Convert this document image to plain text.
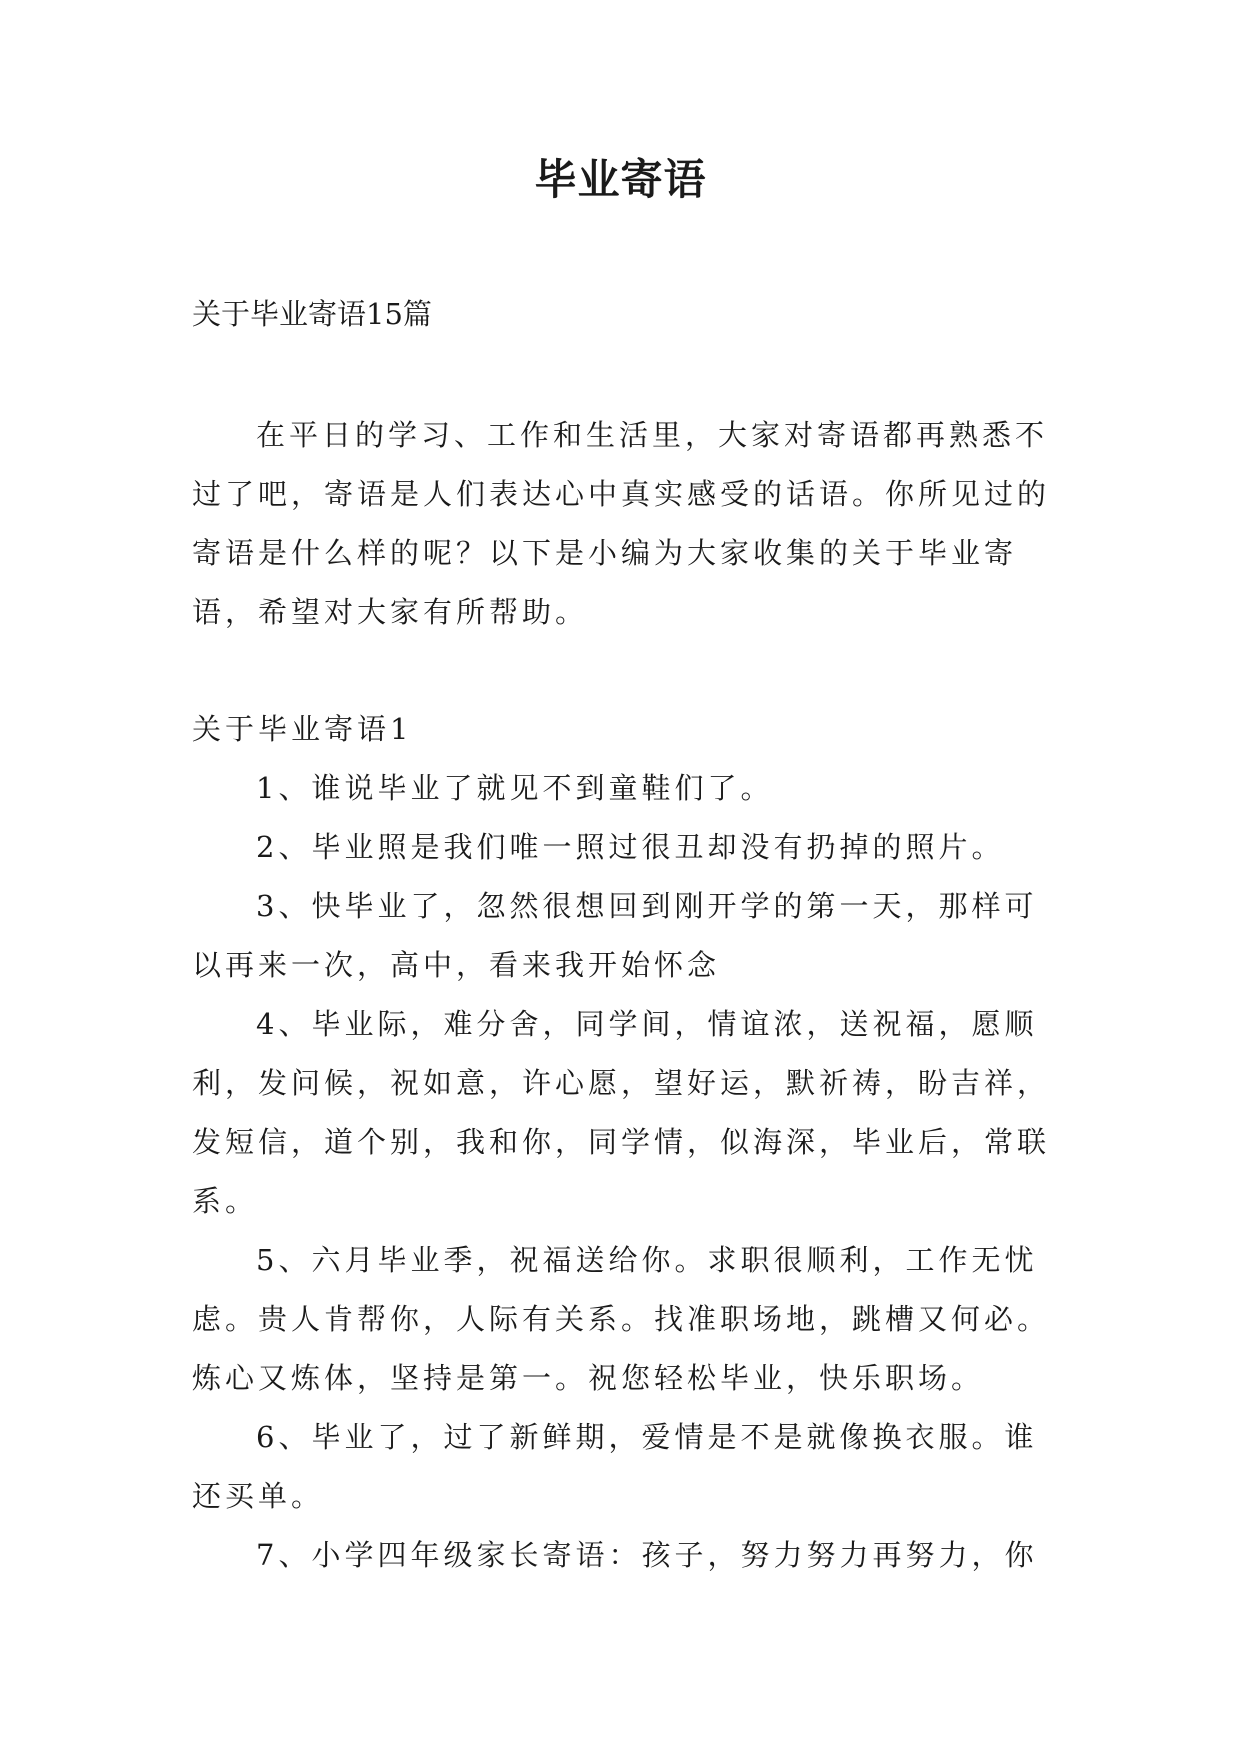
毕业寄语
关于毕业寄语15篇

在平日的学习、工作和生活里，大家对寄语都再熟悉不过了吧，寄语是人们表达心中真实感受的话语。你所见过的寄语是什么样的呢？以下是小编为大家收集的关于毕业寄语，希望对大家有所帮助。

关于毕业寄语1

1、谁说毕业了就见不到童鞋们了。

2、毕业照是我们唯一照过很丑却没有扔掉的照片。

3、快毕业了，忽然很想回到刚开学的第一天，那样可以再来一次，高中，看来我开始怀念

4、毕业际，难分舍，同学间，情谊浓，送祝福，愿顺利，发问候，祝如意，许心愿，望好运，默祈祷，盼吉祥，发短信，道个别，我和你，同学情，似海深，毕业后，常联系。

5、六月毕业季，祝福送给你。求职很顺利，工作无忧虑。贵人肯帮你，人际有关系。找准职场地，跳槽又何必。炼心又炼体，坚持是第一。祝您轻松毕业，快乐职场。

6、毕业了，过了新鲜期，爱情是不是就像换衣服。谁还买单。

7、小学四年级家长寄语：孩子，努力努力再努力，你
